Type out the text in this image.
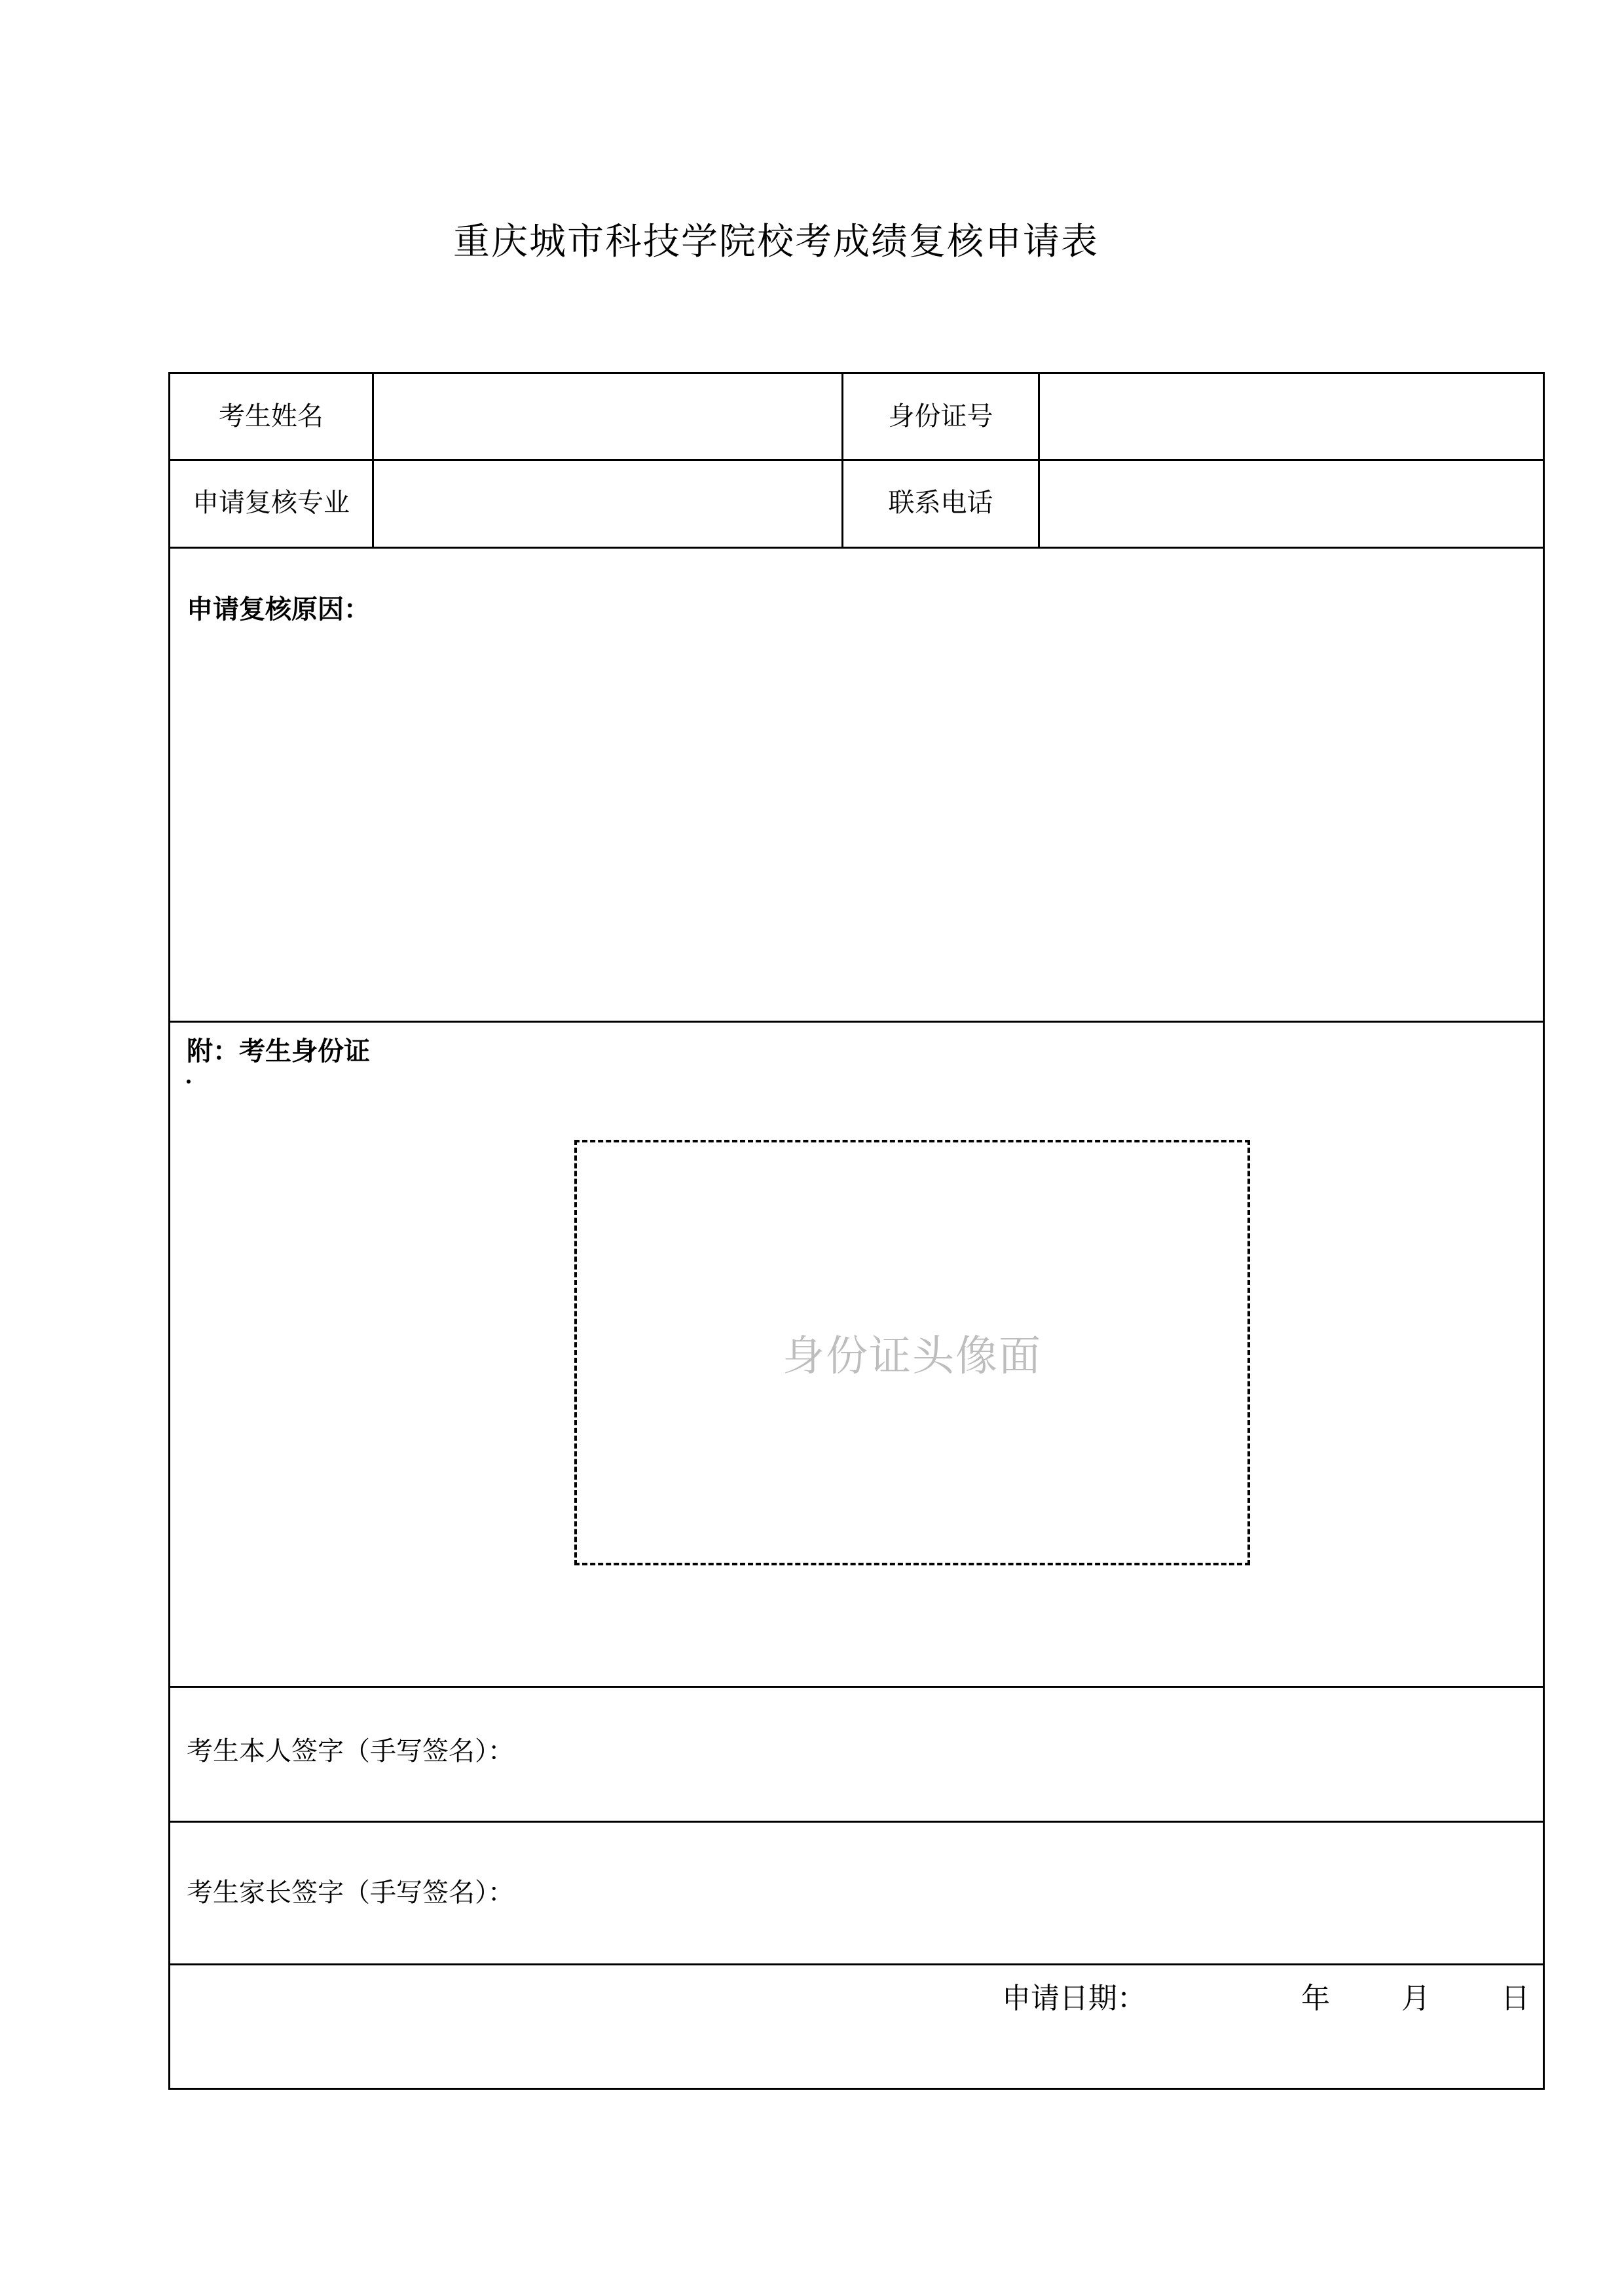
重庆城市科技学院校考成绩复核申请表
考生姓名	身份证号
申请复核专业	联系电话
申请复核原因：
附：考生身份证
身份证头像面
考生本人签字（手写签名）：
考生家长签字（手写签名）：
申请日期：	年 月 日
